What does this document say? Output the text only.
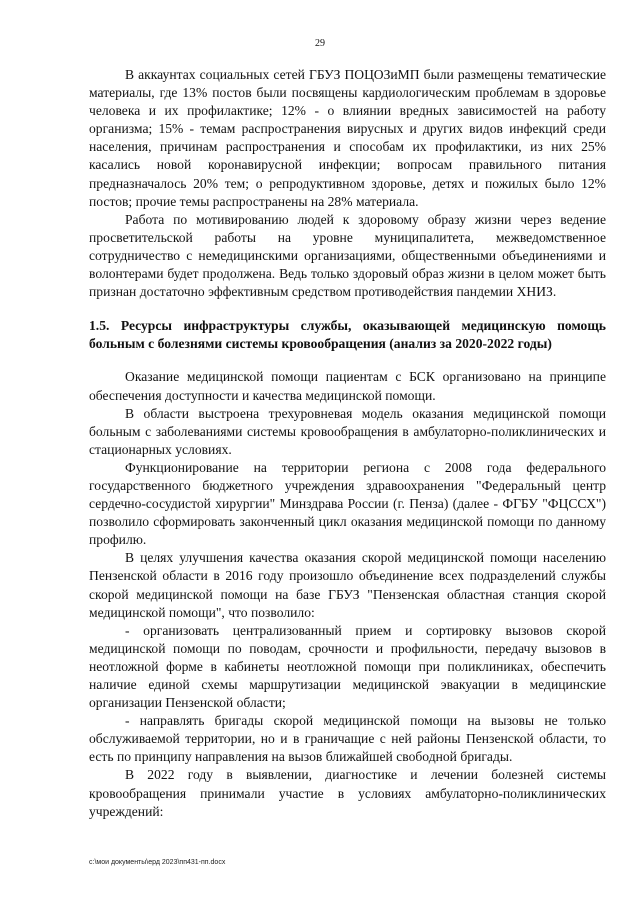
29

В аккаунтах социальных сетей ГБУЗ ПОЦОЗиМП были размещены тематические материалы, где 13% постов были посвящены кардиологическим проблемам в здоровье человека и их профилактике; 12% - о влиянии вредных зависимостей на работу организма; 15% - темам распространения вирусных и других видов инфекций среди населения, причинам распространения и способам их профилактики, из них 25% касались новой коронавирусной инфекции; вопросам правильного питания предназначалось 20% тем; о репродуктивном здоровье, детях и пожилых было 12% постов; прочие темы распространены на 28% материала.

Работа по мотивированию людей к здоровому образу жизни через ведение просветительской работы на уровне муниципалитета, межведомственное сотрудничество с немедицинскими организациями, общественными объединениями и волонтерами будет продолжена. Ведь только здоровый образ жизни в целом может быть признан достаточно эффективным средством противодействия пандемии ХНИЗ.

1.5. Ресурсы инфраструктуры службы, оказывающей медицинскую помощь больным с болезнями системы кровообращения (анализ за 2020-2022 годы)

Оказание медицинской помощи пациентам с БСК организовано на принципе обеспечения доступности и качества медицинской помощи.

В области выстроена трехуровневая модель оказания медицинской помощи больным с заболеваниями системы кровообращения в амбулаторно-поликлинических и стационарных условиях.

Функционирование на территории региона с 2008 года федерального государственного бюджетного учреждения здравоохранения "Федеральный центр сердечно-сосудистой хирургии" Минздрава России (г. Пенза) (далее - ФГБУ "ФЦССХ") позволило сформировать законченный цикл оказания медицинской помощи по данному профилю.

В целях улучшения качества оказания скорой медицинской помощи населению Пензенской области в 2016 году произошло объединение всех подразделений службы скорой медицинской помощи на базе ГБУЗ "Пензенская областная станция скорой медицинской помощи", что позволило:

- организовать централизованный прием и сортировку вызовов скорой медицинской помощи по поводам, срочности и профильности, передачу вызовов в неотложной форме в кабинеты неотложной помощи при поликлиниках, обеспечить наличие единой схемы маршрутизации медицинской эвакуации в медицинские организации Пензенской области;

- направлять бригады скорой медицинской помощи на вызовы не только обслуживаемой территории, но и в граничащие с ней районы Пензенской области, то есть по принципу направления на вызов ближайшей свободной бригады.

В 2022 году в выявлении, диагностике и лечении болезней системы кровообращения принимали участие в условиях амбулаторно-поликлинических учреждений:

c:\мои документы\ерд 2023\пп431-пп.docx
